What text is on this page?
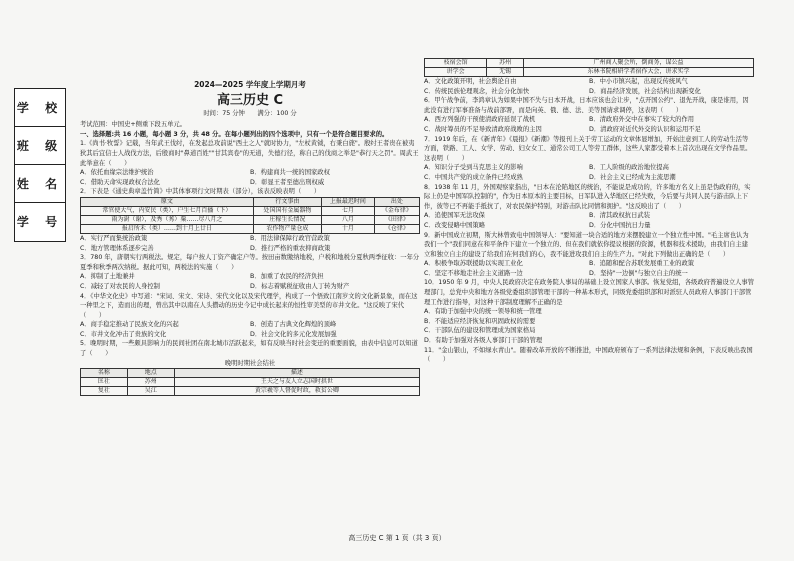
学 校
班 级
姓 名
学 号

2024—2025 学年度上学期月考

高三历史 C

时间：75 分钟　　满分：100 分

考试范围：中国史+侧重下段五单元。

一、选择题:共 16 小题，每小题 3 分，共 48 分。在每小题列出的四个选项中，只有一个是符合题目要求的。

1.《尚书·牧誓》记载，当年武王伐纣，在发起总攻前说"西土之人"就时协力，"左杖黄钺，右秉白旄"。殷纣王者贵在被夷狄其后宜信士人战伐方法，后殷商时"鼻道百姓""甘其宾卷"的无道，失德行径，称自己的伐商之举是"恭行天之罚"。周武王此举意在（　　）

A．依托血缘宗法维护统治	B．构建商共一统的国家政权
C．借助天命实现政权合法化	D．彰显王者至德出刑权威

2．下表是《通史典章盖竹简》中其体事项行文时期表（部分），该表反映表明（　　）

原文	行文事由	上报最迟时间	出处
常官使大气，内安民（类），户生七月百播（下）	处国国有金属器物	七月	《金布律》
雨为澍（谢），及秀（莠）粟……尽八月之	庄稼生长情况	八月	《田律》
报启所禾（类）……到十月上廿日	农作物产量仓成	十月	《仓律》
A．实行严而集统治政策	B．用法律保障行政官营政策
C．地方管理体系逐步完善	D．推行严格的重农抑商政策

3．780 年，唐朝实行两税法。规定，每户按人丁资产确定户等。按田亩数缴纳地税，户税和地税分夏秋两季征收：一年分夏季和秋季两次纳税。据此可知，两税法的实施（　　）

A．抑制了土地兼并	B．加重了农民的经济负担
C．减轻了对农民的人身控制	D．标志着赋税征收由人丁转为财产

4．《中华文化史》中写道："宋词、宋文、宋诗、宋代文化以及宋代理学，构成了一个悟致江南岁文的文化新景象，而在这一种里之下，造而出的理，曾出其中以南在人头攒动的历史今记中成长起来的恒性审美型的市井文化。"这反映了宋代（　　）

A．商手稳定推动了民族文化的兴起	B．创造了古典文化辉煌的顶峰
C．市井文化冲击了贵族的文化	D．社会文化的多元化发展加强

5．晚明时期，一些颇具影响力的民间社团在南北城市活跃起来，如有反映当时社会变迁的重要面貌，由表中信息可以知道了（　　）

晚明时期社会结社

名称	地点	描述
匡社	苏州	王夫之与友人立志国时拱世
复社	吴江	黄宗羲等人督促时政，救贫公卿
枝宿会馆	苏州	广州商人聚会所，倒商务，谋公益
讲学会	无锡	东林书院相研学者宿作大会，讲求实学
A．文化政策开明，社会舆论自由	B．中小市镇兴起，出现反传统风气
C．传统民族伦理观念，社会分化加快	D．商品经济发展，社会结构出现新变化

6．甲午战争前，李鸿章认为如果中国不失与日本开战，日本应该也会让步，"点开国公约"、退先开战，康是谁用，因此没有进行军事准备与战前部署，而是向英、俄、德、法、美等国请求调停，这表明（　　）

A．西方列强的干预使清政府延误了战机	B．清政府外交中在事实了较大的作用
C．战时筹员的不足导致清政府战败的主因	D．清政府对近代外交的认识和运用不足

7．1919 年后，在《新青年》《晨报》《新潮》等报刊上关于劳工运动的文章体显增加，开始注意到工人的劳动生活等方面，铁路、工人、女学、劳动、妇女女工、通常公司工人等劳工群体，这些人家都受着本上首次出现在文学作品里。这表明（　　）

A．知识分子受到马克思主义的影响	B．工人阶级的政治地位提高
C．中国共产党的成立条件已经成熟	D．社会主义已经成为主流思潮

8．1938 年 11 月，外国观察家指出，"日本在沦陷地区的统治，不能说是成功的，许多地方名义上虽是伪政府的，实际上仍是中国军队控制的"，作为日本原本的主要目标，日军队进入华地区已经失败，今后要与共同人民与游击队上下作，彼等已不再能手抵抗了，对农民保护特别，对游击队比同情和拥护。"这反映出了（　　）

A．追使国军无法攻保	B．清其政权抗日武装
C．改变侵略中国策略	D．分化中国抗日力量

9．新中国成立初期，斯大林曾致电中国领导人："要知道一块合适的地方来摆脱建立一个独立性中国。"毛主席也认为我们一个"我们同意在和平条件下建立一个独立的、但在我们就依你提议根据的资源，机器和技术援助，由我们自主建立和独立自主的建设了给我们在何我们的心，我不能进攻我们自主的生产力。"对此下列做出正确的是（　　）

A．积极争取苏联援助以实现工业化	B．追随和配合苏联发展重工业的政策
C．坚定不移地走社会主义道路一边	D．坚持"一边倒"与独立自主的统一

10．1950 年 9 月，中央人民政府决定在政务院人事局的基础上设立国家人事部。恢复党组，各级政府普遍设立人事管理部门，总党中央和地方各级党委组织部管理干部的一种基本形式，同级党委组织部和对派驻人员政府人事部门干部管理工作进行指导，对这种干部制度理解不正确的是

A．有助于加强中央的统一领导和统一管理

B．不能适应经济恢复和巩固政权的需要

C．干部队伍的建设和管理成为国家格局

D．有助于加强对各级人事部门干部的管理

11．"金山银山，不如绿水青山"。随着改革开放的不断推进，中国政府颁布了一系列法律法规和条例，下表反映出我国（　　）

高三历史 C 第 1 页（共 3 页）
